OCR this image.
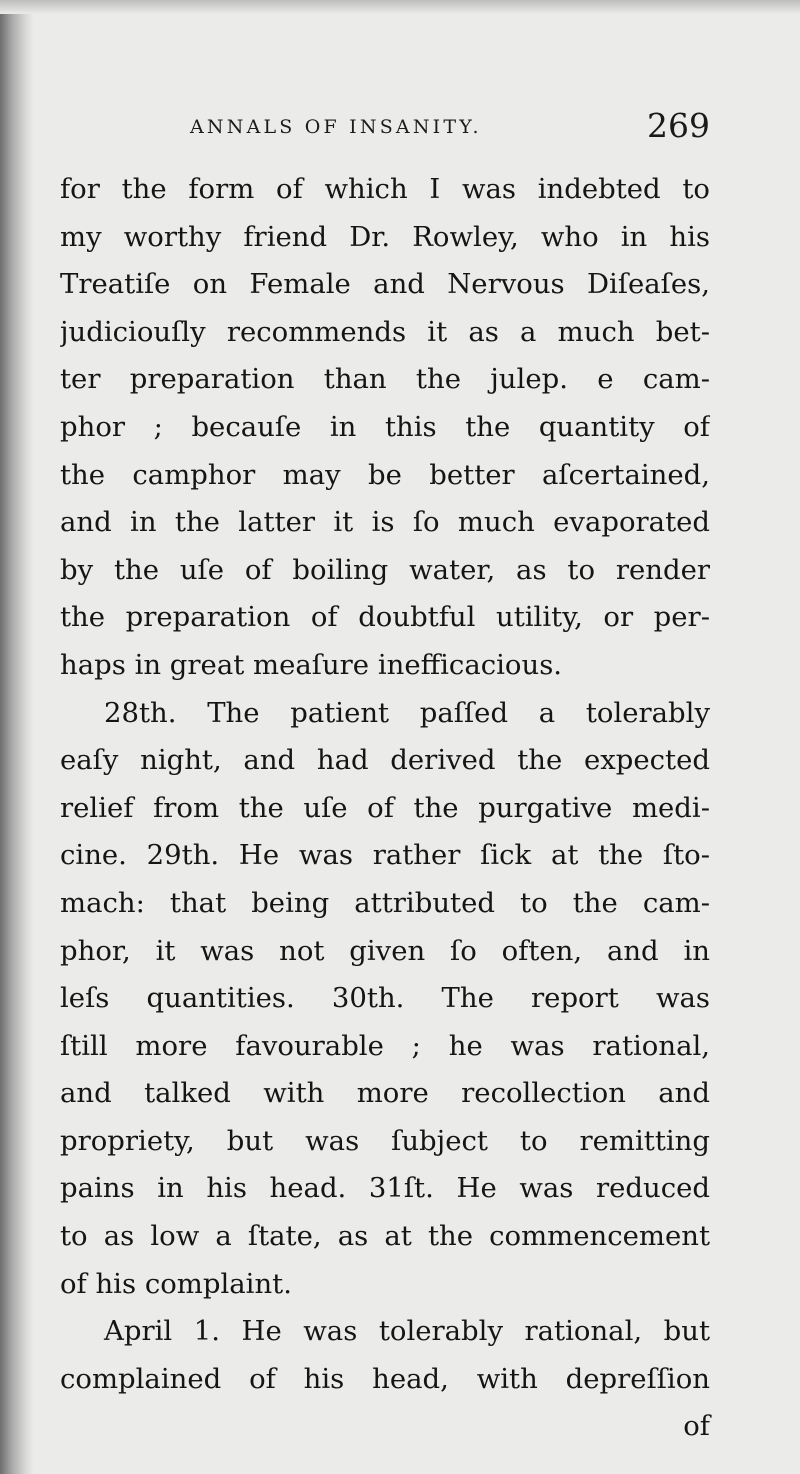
ANNALS OF INSANITY.	269
for the form of which I was indebted to
my worthy friend Dr. Rowley, who in his
Treatiſe on Female and Nervous Diſeaſes,
judiciouſly recommends it as a much bet-
ter preparation than the julep. e cam-
phor ; becauſe in this the quantity of
the camphor may be better aſcertained,
and in the latter it is ſo much evaporated
by the uſe of boiling water, as to render
the preparation of doubtful utility, or per-
haps in great meaſure inefficacious.
28th. The patient paſſed a tolerably
eaſy night, and had derived the expected
relief from the uſe of the purgative medi-
cine. 29th. He was rather ſick at the ſto-
mach: that being attributed to the cam-
phor, it was not given ſo often, and in
leſs quantities. 30th. The report was
ſtill more favourable ; he was rational,
and talked with more recollection and
propriety, but was ſubject to remitting
pains in his head. 31ſt. He was reduced
to as low a ſtate, as at the commencement
of his complaint.
April 1. He was tolerably rational, but
complained of his head, with depreſſion
of
